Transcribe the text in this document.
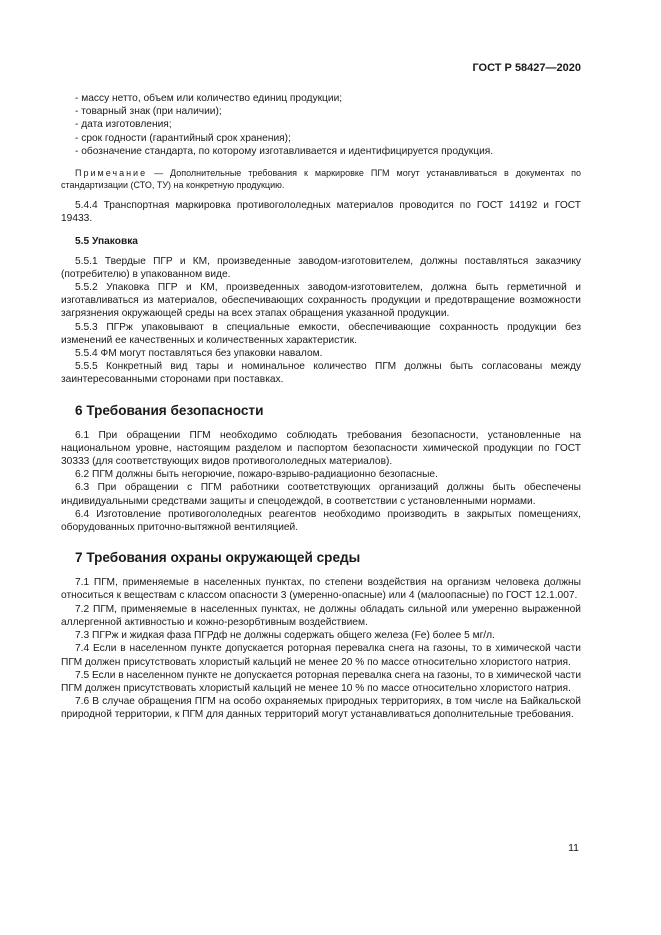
ГОСТ Р 58427—2020
- массу нетто, объем или количество единиц продукции;
- товарный знак (при наличии);
- дата изготовления;
- срок годности (гарантийный срок хранения);
- обозначение стандарта, по которому изготавливается и идентифицируется продукция.

Примечание — Дополнительные требования к маркировке ПГМ могут устанавливаться в документах по стандартизации (СТО, ТУ) на конкретную продукцию.

5.4.4 Транспортная маркировка противогололедных материалов проводится по ГОСТ 14192 и ГОСТ 19433.

5.5 Упаковка

5.5.1 Твердые ПГР и КМ, произведенные заводом-изготовителем, должны поставляться заказчику (потребителю) в упакованном виде.

5.5.2 Упаковка ПГР и КМ, произведенных заводом-изготовителем, должна быть герметичной и изготавливаться из материалов, обеспечивающих сохранность продукции и предотвращение возможности загрязнения окружающей среды на всех этапах обращения указанной продукции.

5.5.3 ПГРж упаковывают в специальные емкости, обеспечивающие сохранность продукции без изменений ее качественных и количественных характеристик.

5.5.4 ФМ могут поставляться без упаковки навалом.

5.5.5 Конкретный вид тары и номинальное количество ПГМ должны быть согласованы между заинтересованными сторонами при поставках.

6 Требования безопасности

6.1 При обращении ПГМ необходимо соблюдать требования безопасности, установленные на национальном уровне, настоящим разделом и паспортом безопасности химической продукции по ГОСТ 30333 (для соответствующих видов противогололедных материалов).

6.2 ПГМ должны быть негорючие, пожаро-взрыво-радиационно безопасные.

6.3 При обращении с ПГМ работники соответствующих организаций должны быть обеспечены индивидуальными средствами защиты и спецодеждой, в соответствии с установленными нормами.

6.4 Изготовление противогололедных реагентов необходимо производить в закрытых помещениях, оборудованных приточно-вытяжной вентиляцией.

7 Требования охраны окружающей среды

7.1 ПГМ, применяемые в населенных пунктах, по степени воздействия на организм человека должны относиться к веществам с классом опасности 3 (умеренно-опасные) или 4 (малоопасные) по ГОСТ 12.1.007.

7.2 ПГМ, применяемые в населенных пунктах, не должны обладать сильной или умеренно выраженной аллергенной активностью и кожно-резорбтивным воздействием.

7.3 ПГРж и жидкая фаза ПГРдф не должны содержать общего железа (Fe) более 5 мг/л.

7.4 Если в населенном пункте допускается роторная перевалка снега на газоны, то в химической части ПГМ должен присутствовать хлористый кальций не менее 20 % по массе относительно хлористого натрия.

7.5 Если в населенном пункте не допускается роторная перевалка снега на газоны, то в химической части ПГМ должен присутствовать хлористый кальций не менее 10 % по массе относительно хлористого натрия.

7.6 В случае обращения ПГМ на особо охраняемых природных территориях, в том числе на Байкальской природной территории, к ПГМ для данных территорий могут устанавливаться дополнительные требования.

11
